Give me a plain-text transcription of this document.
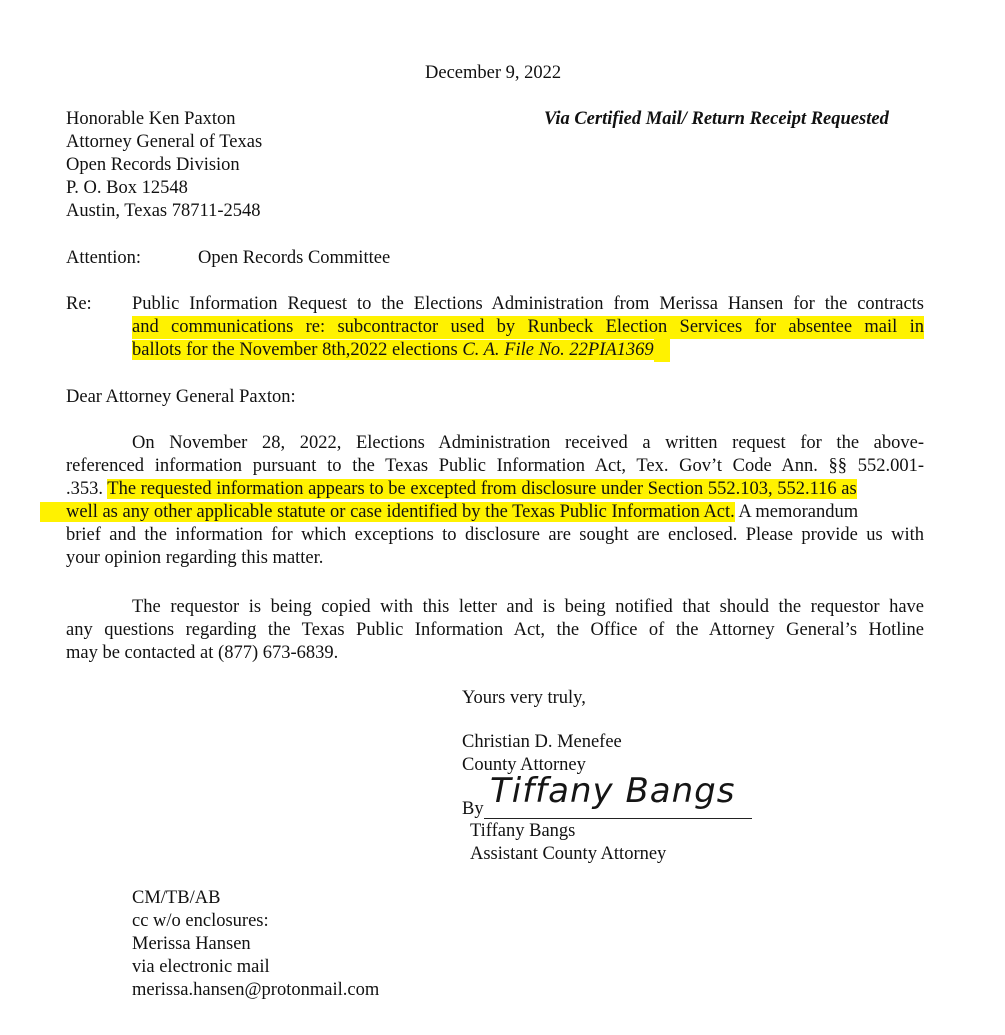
December 9, 2022
Via Certified Mail/ Return Receipt Requested
Honorable Ken Paxton
Attorney General of Texas
Open Records Division
P. O. Box 12548
Austin, Texas 78711-2548
Attention:	Open Records Committee
Re: Public Information Request to the Elections Administration from Merissa Hansen for the contracts
and communications re: subcontractor used by Runbeck Election Services for absentee mail in
ballots for the November 8th,2022 elections C. A. File No. 22PIA1369
Dear Attorney General Paxton:
On November 28, 2022, Elections Administration received a written request for the above-
referenced information pursuant to the Texas Public Information Act, Tex. Gov’t Code Ann. §§ 552.001-
.353. The requested information appears to be excepted from disclosure under Section 552.103, 552.116 as
well as any other applicable statute or case identified by the Texas Public Information Act. A memorandum
brief and the information for which exceptions to disclosure are sought are enclosed. Please provide us with
your opinion regarding this matter.
The requestor is being copied with this letter and is being notified that should the requestor have
any questions regarding the Texas Public Information Act, the Office of the Attorney General’s Hotline
may be contacted at (877) 673-6839.
Yours very truly,
Christian D. Menefee
County Attorney
By Tiffany Bangs
Tiffany Bangs
Assistant County Attorney
CM/TB/AB
cc w/o enclosures:
Merissa Hansen
via electronic mail
merissa.hansen@protonmail.com
